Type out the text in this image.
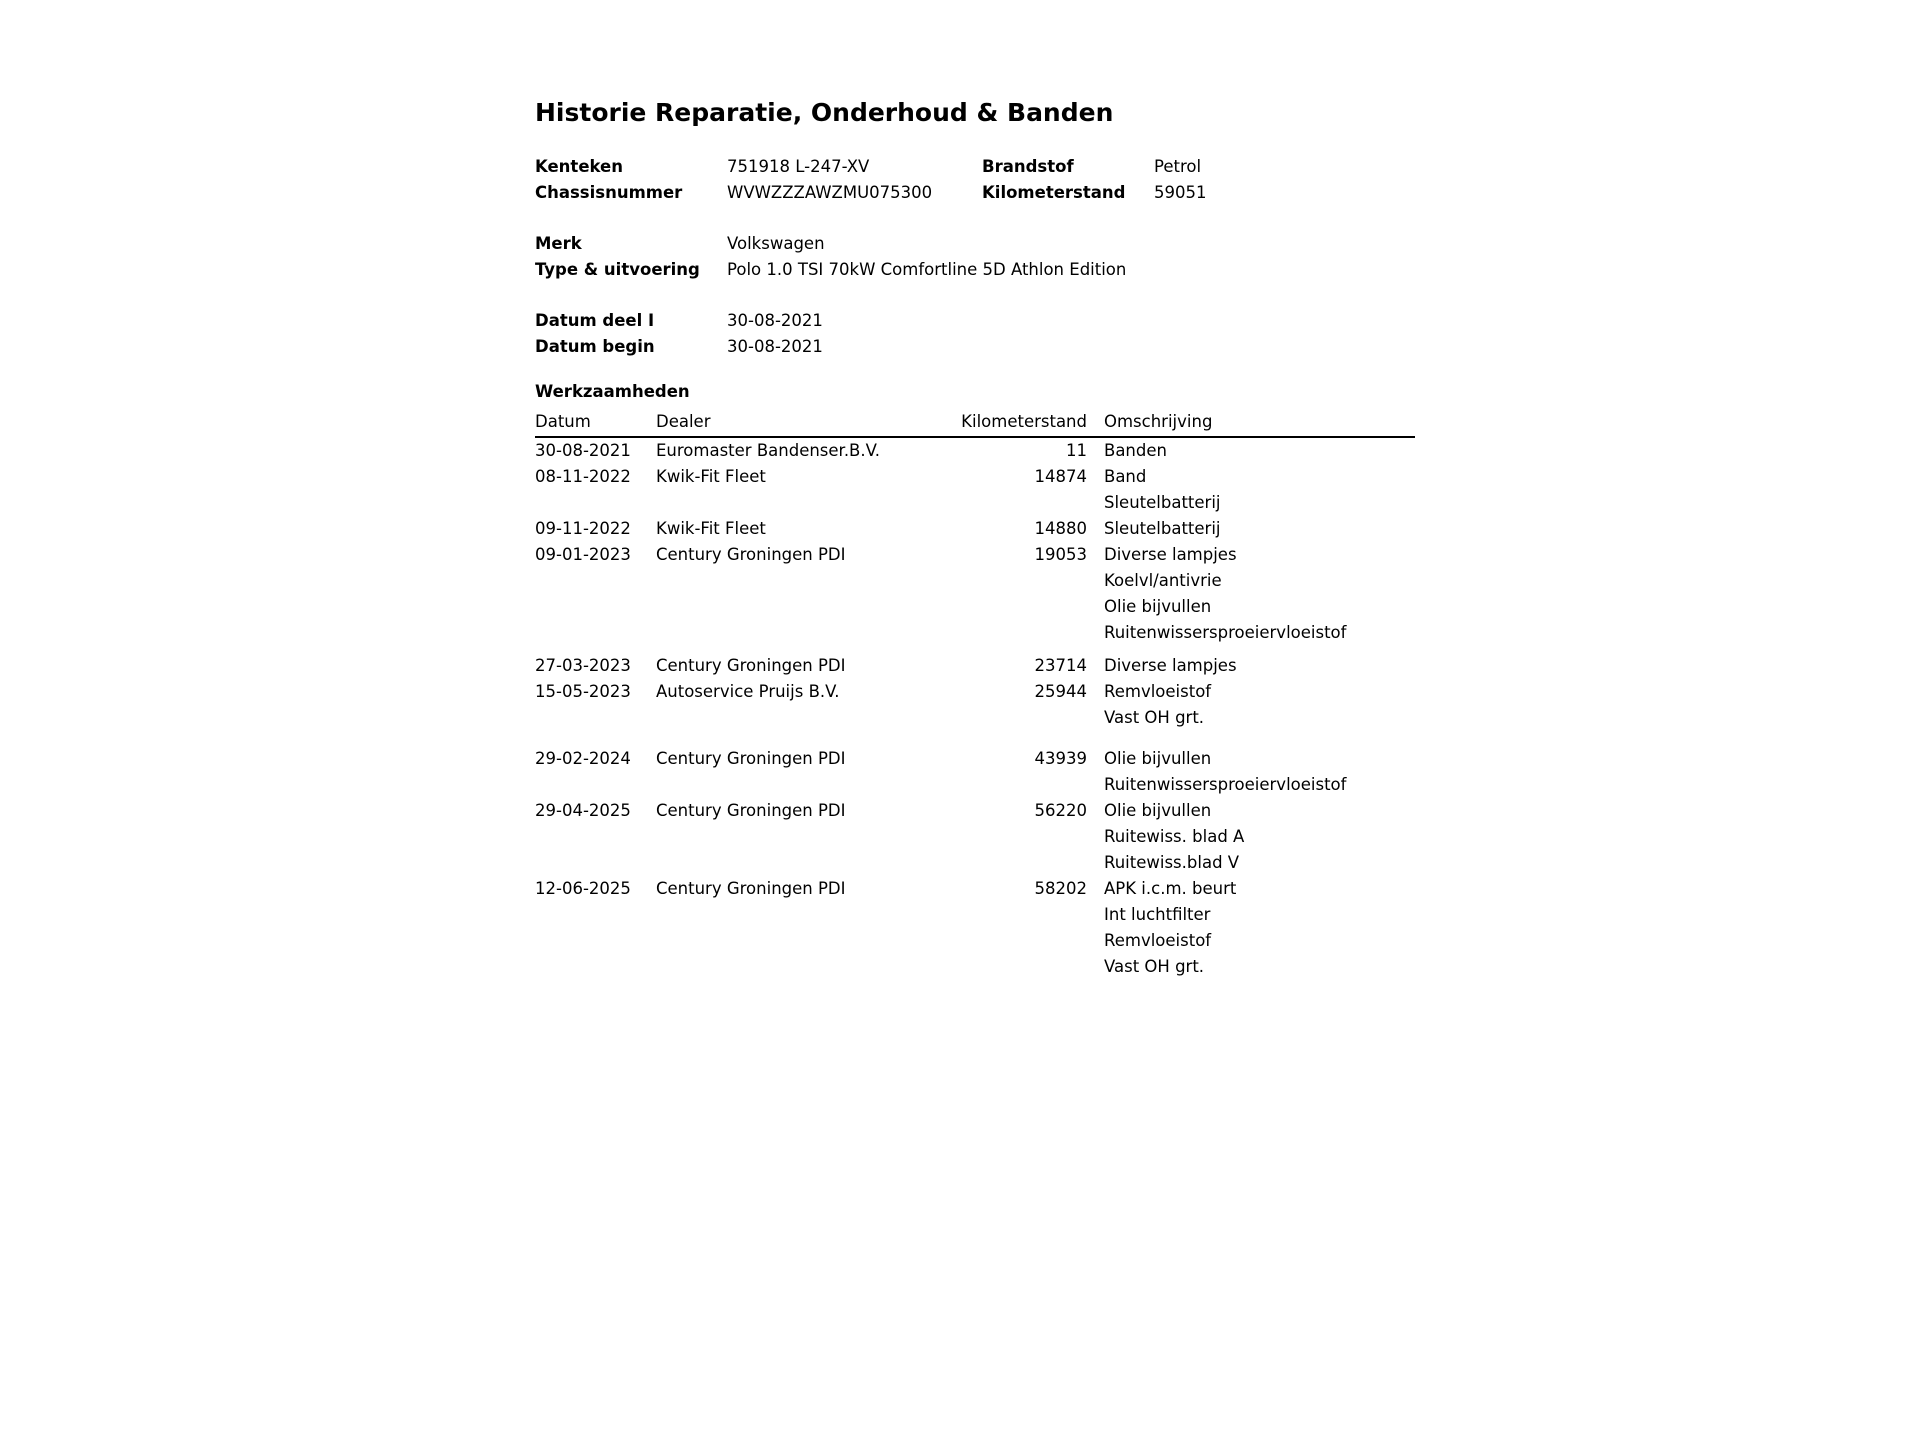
Historie Reparatie, Onderhoud & Banden
Kenteken	751918 L-247-XV	Brandstof	Petrol
Chassisnummer	WVWZZZAWZMU075300	Kilometerstand 59051
Merk	Volkswagen
Type & uitvoering Polo 1.0 TSI 70kW Comfortline 5D Athlon Edition
Datum deel I	30-08-2021
Datum begin	30-08-2021
Werkzaamheden
Datum	Dealer	Kilometerstand Omschrijving
30-08-2021 Euromaster Bandenser.B.V.	11 Banden
08-11-2022 Kwik-Fit Fleet	14874 Band
Sleutelbatterij
09-11-2022 Kwik-Fit Fleet	14880 Sleutelbatterij
09-01-2023 Century Groningen PDI	19053 Diverse lampjes
Koelvl/antivrie
Olie bijvullen
Ruitenwissersproeiervloeistof
27-03-2023 Century Groningen PDI	23714 Diverse lampjes
15-05-2023 Autoservice Pruijs B.V.	25944 Remvloeistof
Vast OH grt.
29-02-2024 Century Groningen PDI	43939 Olie bijvullen
Ruitenwissersproeiervloeistof
29-04-2025 Century Groningen PDI	56220 Olie bijvullen
Ruitewiss. blad A
Ruitewiss.blad V
12-06-2025 Century Groningen PDI	58202 APK i.c.m. beurt
Int luchtfilter
Remvloeistof
Vast OH grt.
